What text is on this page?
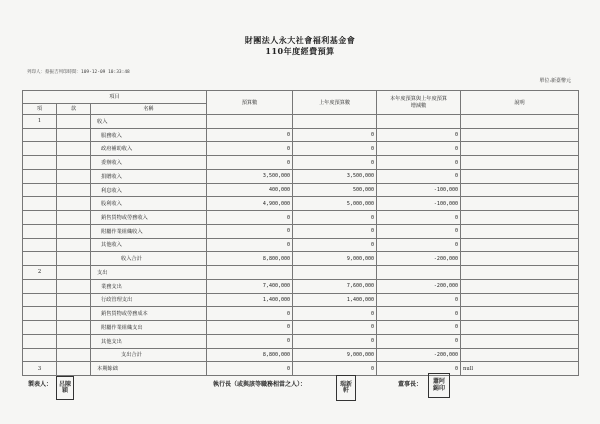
財團法人永大社會福利基金會
110年度經費預算
列印人：蔡振吉列印時間：109-12-09 10:33:48
單位:新臺幣元
項目			預算數	上年度預算數	本年度預算與上年度預算
增減數	說明
項	款	名稱				
1		收入				
		服務收入	0	0	0	
		政府補助收入	0	0	0	
		委辦收入	0	0	0	
		捐贈收入	3,500,000	3,500,000	0	
		利息收入	400,000	500,000	-100,000	
		股利收入	4,900,000	5,000,000	-100,000	
		銷售貨物或勞務收入	0	0	0	
		附屬作業組織收入	0	0	0	
		其他收入	0	0	0	
		收入合計	8,800,000	9,000,000	-200,000	
2		支出				
		業務支出	7,400,000	7,600,000	-200,000	
		行政管理支出	1,400,000	1,400,000	0	
		銷售貨物或勞務成本	0	0	0	
		附屬作業組織支出	0	0	0	
		其他支出	0	0	0	
		支出合計	8,800,000	9,000,000	-200,000	
3		本期餘絀	0	0	0	null
製表人： 呂陳穎
執行長（或與該等職務相當之人）：	瑞新軒
董事長： 蕭阿錫印
